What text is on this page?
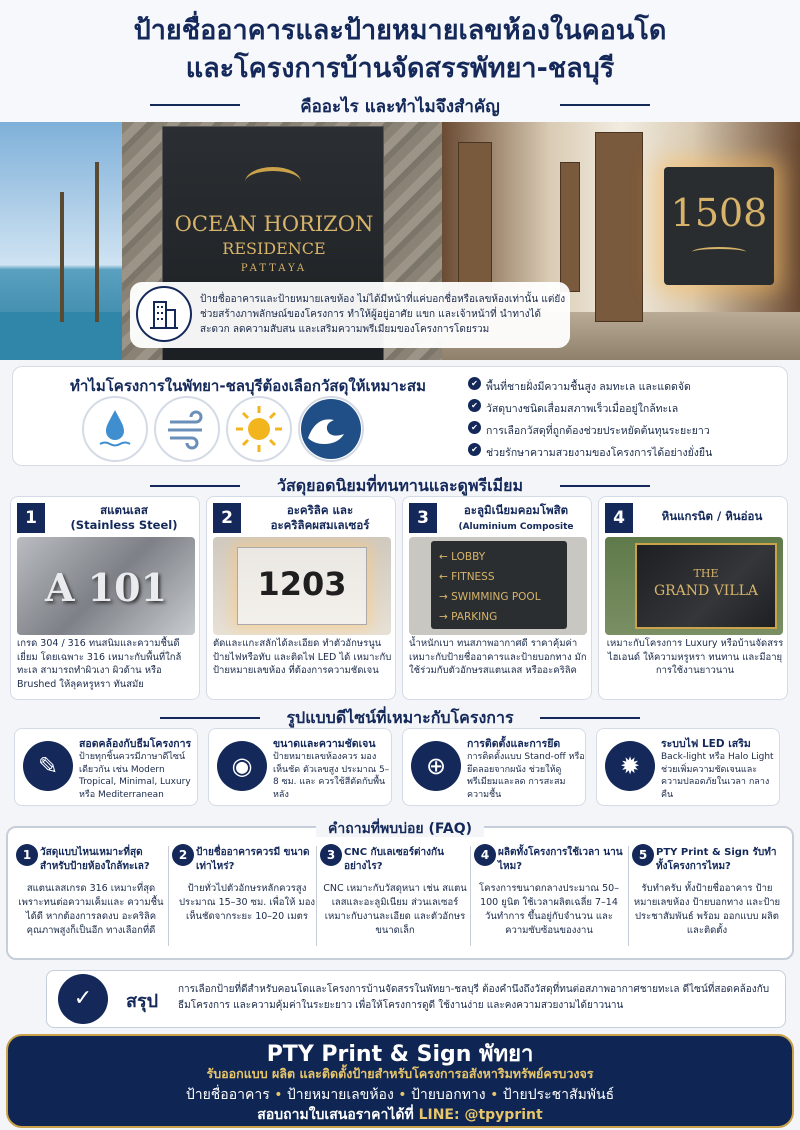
ป้ายชื่ออาคารและป้ายหมายเลขห้องในคอนโด
และโครงการบ้านจัดสรรพัทยา-ชลบุรี
คืออะไร และทำไมจึงสำคัญ
OCEAN HORIZON
RESIDENCE
PATTAYA
1508
ป้ายชื่ออาคารและป้ายหมายเลขห้อง ไม่ได้มีหน้าที่แค่บอกชื่อหรือเลขห้องเท่านั้น แต่ยังช่วยสร้างภาพลักษณ์ของโครงการ ทำให้ผู้อยู่อาศัย แขก และเจ้าหน้าที่ นำทางได้สะดวก ลดความสับสน และเสริมความพรีเมียมของโครงการโดยรวม
ทำไมโครงการในพัทยา-ชลบุรีต้องเลือกวัสดุให้เหมาะสม
✔	พื้นที่ชายฝั่งมีความชื้นสูง ลมทะเล และแดดจัด
✔ วัสดุบางชนิดเสื่อมสภาพเร็วเมื่ออยู่ใกล้ทะเล
✔ การเลือกวัสดุที่ถูกต้องช่วยประหยัดต้นทุนระยะยาว
✔ ช่วยรักษาความสวยงามของโครงการได้อย่างยั่งยืน
วัสดุยอดนิยมที่ทนทานและดูพรีเมียม
1	สแตนเลส
(Stainless Steel)
A 101
เกรด 304 / 316 ทนสนิมและความชื้นดีเยี่ยม โดยเฉพาะ 316 เหมาะกับพื้นที่ใกล้ทะเล สามารถทำผิวเงา ผิวด้าน หรือ Brushed ให้ลุคหรูหรา ทันสมัย
2	อะคริลิค และ
อะคริลิคผสมเลเซอร์
1203
ตัดและแกะสลักได้ละเอียด ทำตัวอักษรนูน ป้ายไฟหรือทับ และติดไฟ LED ได้ เหมาะกับป้ายหมายเลขห้อง ที่ต้องการความชัดเจน
3	อะลูมิเนียมคอมโพสิต
(Aluminium Composite
← LOBBY
← FITNESS
→ SWIMMING POOL
→ PARKING
น้ำหนักเบา ทนสภาพอากาศดี ราคาคุ้มค่า เหมาะกับป้ายชื่ออาคารและป้ายบอกทาง มักใช้ร่วมกับตัวอักษรสแตนเลส หรืออะคริลิค
4	หินแกรนิต / หินอ่อน
THE
GRAND VILLA
เหมาะกับโครงการ Luxury หรือบ้านจัดสรรไฮเอนด์ ให้ความหรูหรา ทนทาน และมีอายุการใช้งานยาวนาน
รูปแบบดีไซน์ที่เหมาะกับโครงการ
✎
สอดคล้องกับธีมโครงการ
ป้ายทุกชิ้นควรมีภาษาดีไซน์ เดียวกัน เช่น Modern Tropical, Minimal, Luxury หรือ Mediterranean
◉
ขนาดและความชัดเจน
ป้ายหมายเลขห้องควร มองเห็นชัด ตัวเลขสูง ประมาณ 5–8 ซม. และ ควรใช้สีตัดกับพื้นหลัง
⊕
การติดตั้งและการยึด
การติดตั้งแบบ Stand-off หรือยึดลอยจากผนัง ช่วยให้ดูพรีเมียมและลด การสะสมความชื้น
✹
ระบบไฟ LED เสริม
Back-light หรือ Halo Light ช่วยเพิ่มความชัดเจนและ ความปลอดภัยในเวลา กลางคืน
คำถามที่พบบ่อย (FAQ)
1 วัสดุแบบไหนเหมาะที่สุด สำหรับป้ายห้องใกล้ทะเล?
สแตนเลสเกรด 316 เหมาะที่สุด เพราะทนต่อความเค็มและ ความชื้นได้ดี หากต้องการลดงบ อะคริลิคคุณภาพสูงก็เป็นอีก ทางเลือกที่ดี
2 ป้ายชื่ออาคารควรมี ขนาดเท่าไหร่?
ป้ายทั่วไปตัวอักษรหลักควรสูง ประมาณ 15–30 ซม. เพื่อให้ มองเห็นชัดจากระยะ 10–20 เมตร
3 CNC กับเลเซอร์ต่างกัน อย่างไร?
CNC เหมาะกับวัสดุหนา เช่น สแตนเลสและอะลูมิเนียม ส่วนเลเซอร์เหมาะกับงานละเอียด และตัวอักษรขนาดเล็ก
4 ผลิตทั้งโครงการใช้เวลา นานไหม?
โครงการขนาดกลางประมาณ 50–100 ยูนิต ใช้เวลาผลิตเฉลี่ย 7–14 วันทำการ ขึ้นอยู่กับจำนวน และความซับซ้อนของงาน
5 PTY Print & Sign รับทำทั้งโครงการไหม?
รับทำครับ ทั้งป้ายชื่ออาคาร ป้ายหมายเลขห้อง ป้ายบอกทาง และป้ายประชาสัมพันธ์ พร้อม ออกแบบ ผลิต และติดตั้ง
✓	สรุป
การเลือกป้ายที่ดีสำหรับคอนโดและโครงการบ้านจัดสรรในพัทยา-ชลบุรี ต้องคำนึงถึงวัสดุที่ทนต่อสภาพอากาศชายทะเล ดีไซน์ที่สอดคล้องกับธีมโครงการ และความคุ้มค่าในระยะยาว เพื่อให้โครงการดูดี ใช้งานง่าย และคงความสวยงามได้ยาวนาน
PTY Print & Sign พัทยา
รับออกแบบ ผลิต และติดตั้งป้ายสำหรับโครงการอสังหาริมทรัพย์ครบวงจร
ป้ายชื่ออาคาร • ป้ายหมายเลขห้อง • ป้ายบอกทาง • ป้ายประชาสัมพันธ์
สอบถามใบเสนอราคาได้ที่ LINE: @tpyprint
